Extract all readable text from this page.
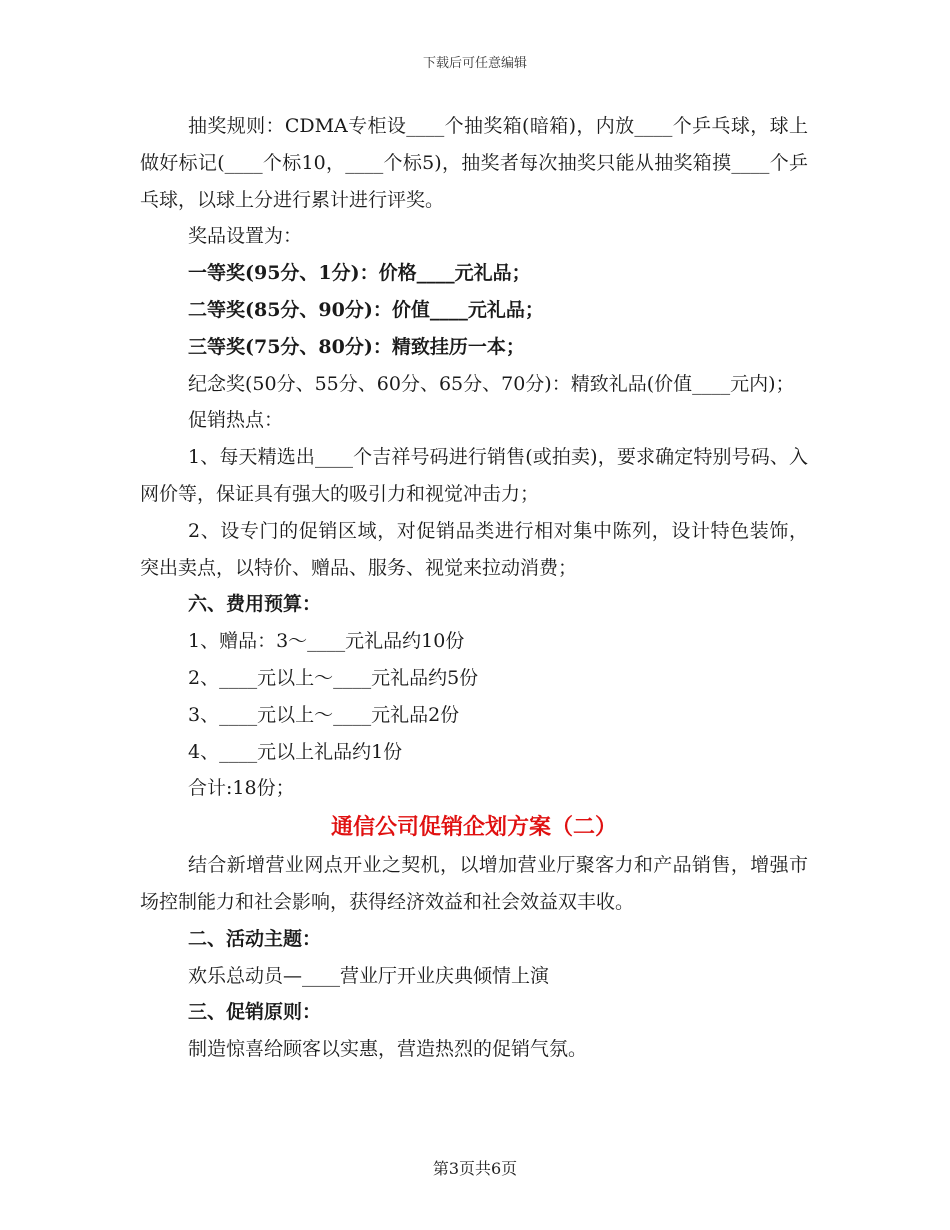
下载后可任意编辑

抽奖规则：CDMA专柜设____个抽奖箱(暗箱)，内放____个乒乓球，球上做好标记(____个标10，____个标5)，抽奖者每次抽奖只能从抽奖箱摸____个乒乓球，以球上分进行累计进行评奖。

奖品设置为：

一等奖(95分、1分)：价格____元礼品；

二等奖(85分、90分)：价值____元礼品；

三等奖(75分、80分)：精致挂历一本；

纪念奖(50分、55分、60分、65分、70分)：精致礼品(价值____元内)；

促销热点：

1、每天精选出____个吉祥号码进行销售(或拍卖)，要求确定特别号码、入网价等，保证具有强大的吸引力和视觉冲击力；

2、设专门的促销区域，对促销品类进行相对集中陈列，设计特色装饰，突出卖点，以特价、赠品、服务、视觉来拉动消费；

六、费用预算：

1、赠品：3～____元礼品约10份

2、____元以上～____元礼品约5份

3、____元以上～____元礼品2份

4、____元以上礼品约1份

合计:18份；

通信公司促销企划方案（二）

结合新增营业网点开业之契机，以增加营业厅聚客力和产品销售，增强市场控制能力和社会影响，获得经济效益和社会效益双丰收。

二、活动主题：

欢乐总动员—____营业厅开业庆典倾情上演

三、促销原则：

制造惊喜给顾客以实惠，营造热烈的促销气氛。

第3页共6页
